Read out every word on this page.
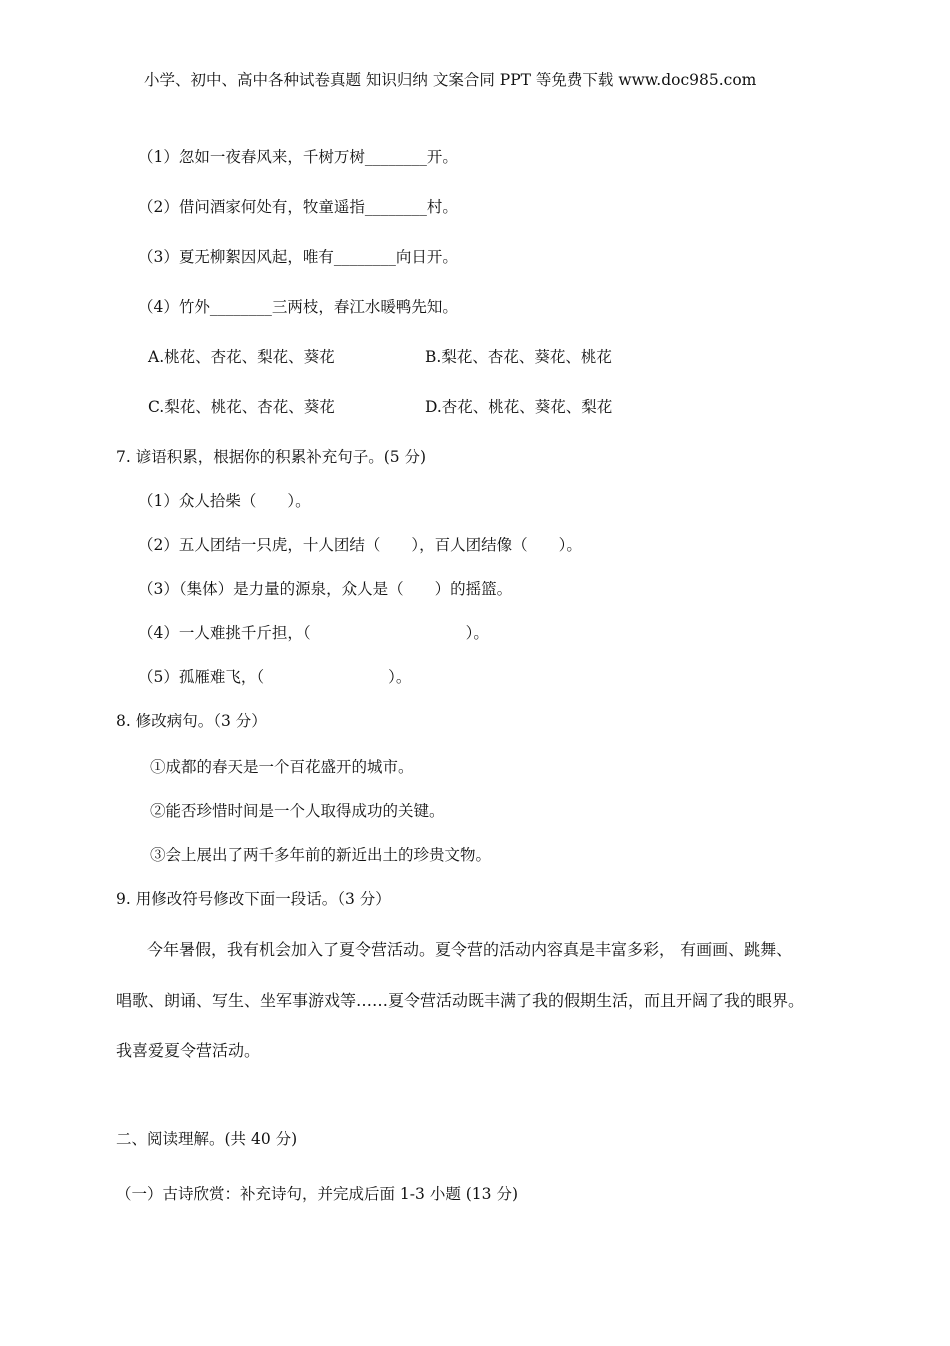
小学、初中、高中各种试卷真题 知识归纳 文案合同 PPT 等免费下载 www.doc985.com
（1）忽如一夜春风来，千树万树________开。
（2）借问酒家何处有，牧童遥指________村。
（3）夏无柳絮因风起，唯有________向日开。
（4）竹外________三两枝，春江水暖鸭先知。
A.桃花、杏花、梨花、葵花	B.梨花、杏花、葵花、桃花
C.梨花、桃花、杏花、葵花	D.杏花、桃花、葵花、梨花
7. 谚语积累，根据你的积累补充句子。(5 分)
（1）众人拾柴（　　）。
（2）五人团结一只虎，十人团结（　　），百人团结像（　　）。
（3）（集体）是力量的源泉，众人是（　　）的摇篮。
（4）一人难挑千斤担，（　　　　　　　　　　）。
（5）孤雁难飞，（　　　　　　　　）。
8. 修改病句。（3 分）
①成都的春天是一个百花盛开的城市。
②能否珍惜时间是一个人取得成功的关键。
③会上展出了两千多年前的新近出土的珍贵文物。
9. 用修改符号修改下面一段话。（3 分）
今年暑假，我有机会加入了夏令营活动。夏令营的活动内容真是丰富多彩， 有画画、跳舞、
唱歌、朗诵、写生、坐军事游戏等……夏令营活动既丰满了我的假期生活，而且开阔了我的眼界。
我喜爱夏令营活动。
二、阅读理解。(共 40 分)
（一）古诗欣赏：补充诗句，并完成后面 1-3 小题 (13 分)
